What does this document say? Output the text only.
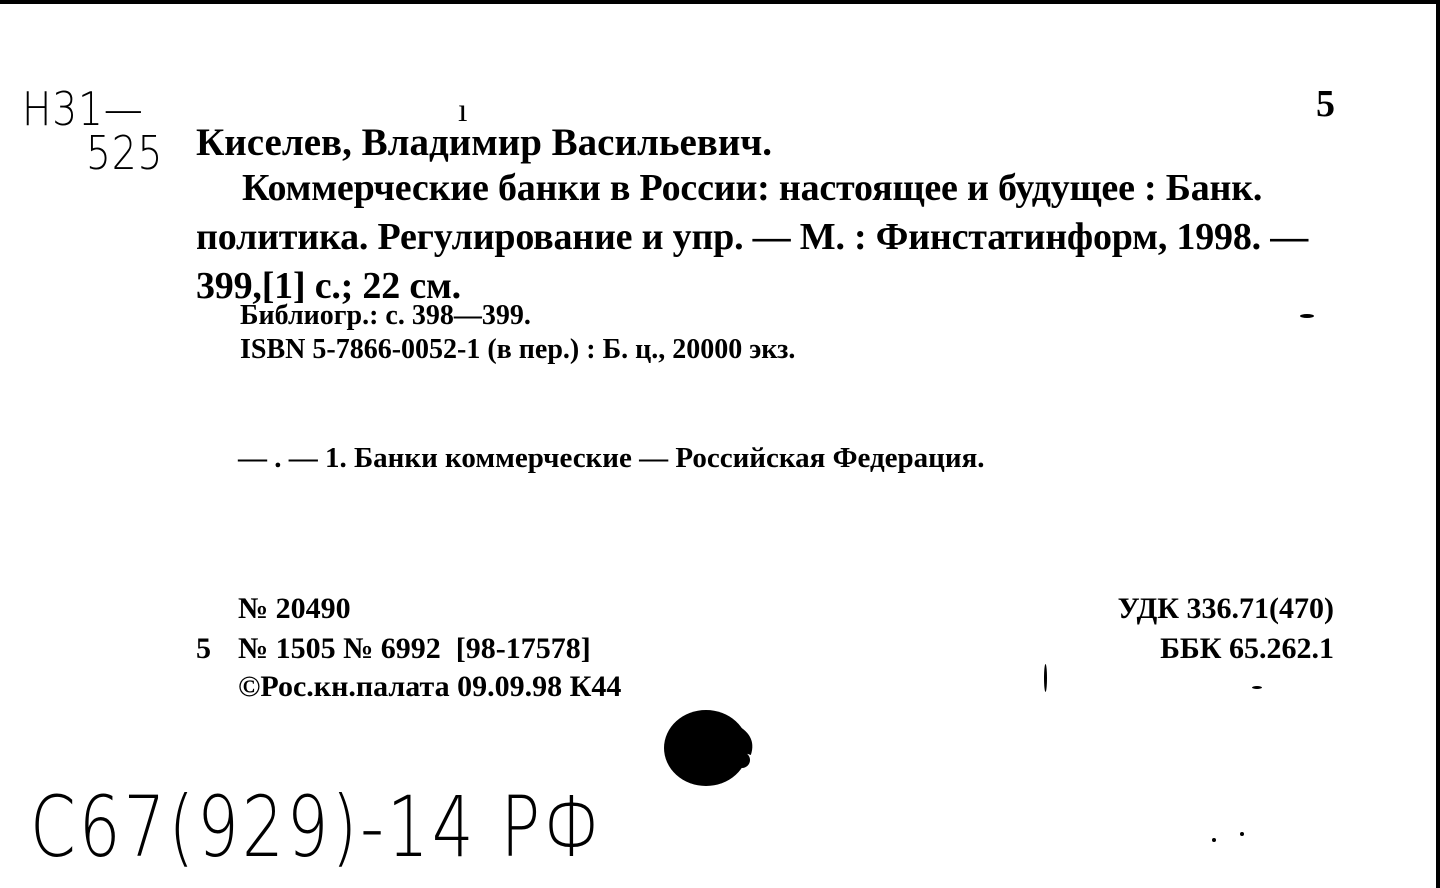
Н31—
525
ı	5
Киселев, Владимир Васильевич.
Коммерческие банки в России: настоящее и будущее : Банк. политика. Регулирование и упр. — М. : Финстатинформ, 1998. — 399,[1] с.; 22 см.
Библиогр.: с. 398—399.
ISBN 5-7866-0052-1 (в пер.) : Б. ц., 20000 экз.
— . — 1. Банки коммерческие — Российская Федерация.
№ 20490
5 № 1505 № 6992  [98-17578]
©Рос.кн.палата 09.09.98 К44
УДК 336.71(470)
ББК 65.262.1
С67(929)-14 РФ
